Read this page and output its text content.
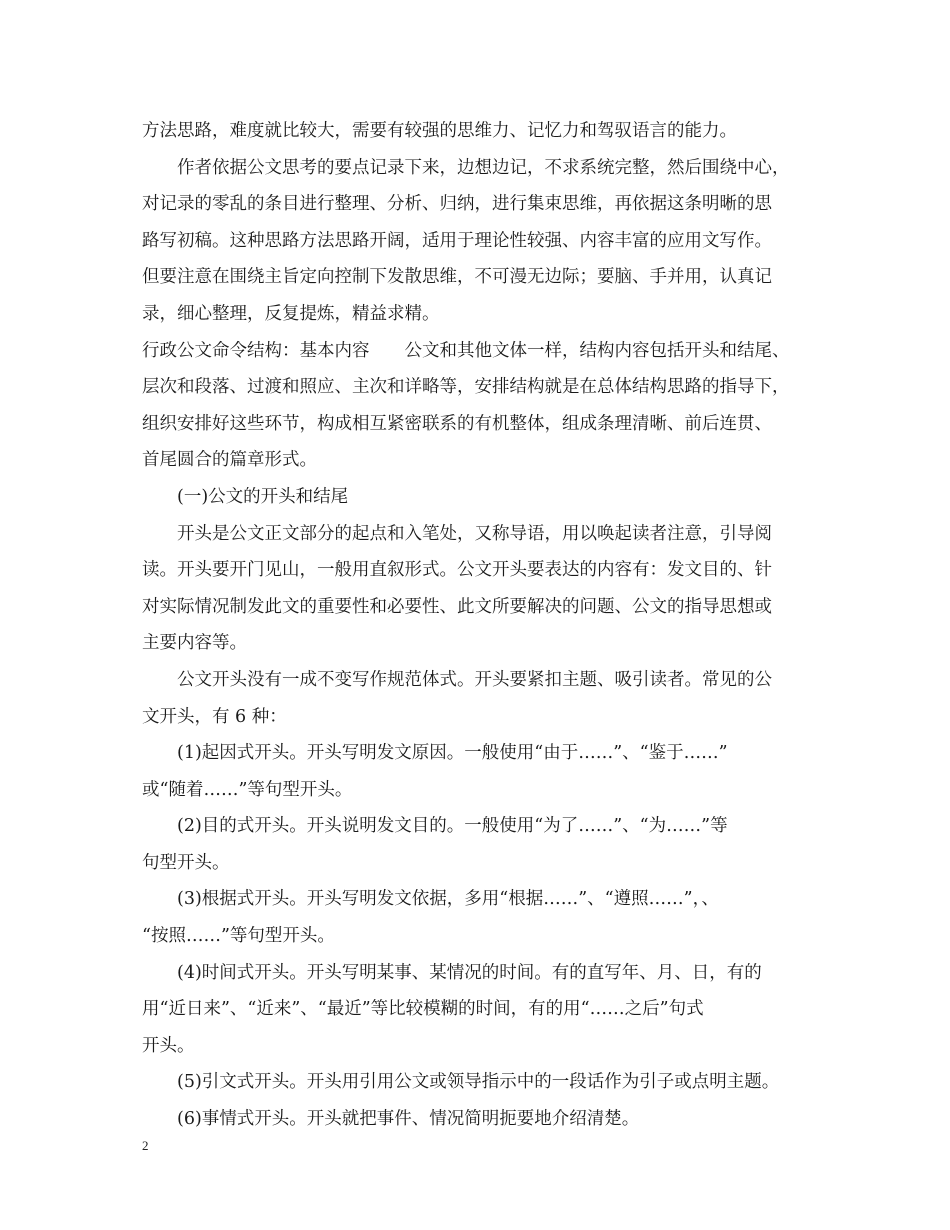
方法思路，难度就比较大，需要有较强的思维力、记忆力和驾驭语言的能力。
作者依据公文思考的要点记录下来，边想边记，不求系统完整，然后围绕中心，
对记录的零乱的条目进行整理、分析、归纳，进行集束思维，再依据这条明晰的思
路写初稿。这种思路方法思路开阔，适用于理论性较强、内容丰富的应用文写作。
但要注意在围绕主旨定向控制下发散思维，不可漫无边际；要脑、手并用，认真记
录，细心整理，反复提炼，精益求精。
行政公文命令结构：基本内容　　公文和其他文体一样，结构内容包括开头和结尾、
层次和段落、过渡和照应、主次和详略等，安排结构就是在总体结构思路的指导下，
组织安排好这些环节，构成相互紧密联系的有机整体，组成条理清晰、前后连贯、
首尾圆合的篇章形式。
(一)公文的开头和结尾
开头是公文正文部分的起点和入笔处，又称导语，用以唤起读者注意，引导阅
读。开头要开门见山，一般用直叙形式。公文开头要表达的内容有：发文目的、针
对实际情况制发此文的重要性和必要性、此文所要解决的问题、公文的指导思想或
主要内容等。
公文开头没有一成不变写作规范体式。开头要紧扣主题、吸引读者。常见的公
文开头，有 6 种：
(1)起因式开头。开头写明发文原因。一般使用“由于……”、“鉴于……”
或“随着……”等句型开头。
(2)目的式开头。开头说明发文目的。一般使用“为了……”、“为……”等
句型开头。
(3)根据式开头。开头写明发文依据，多用“根据……”、“遵照……”，、
“按照……”等句型开头。
(4)时间式开头。开头写明某事、某情况的时间。有的直写年、月、日，有的
用“近日来”、“近来”、“最近”等比较模糊的时间，有的用“……之后”句式
开头。
(5)引文式开头。开头用引用公文或领导指示中的一段话作为引子或点明主题。
(6)事情式开头。开头就把事件、情况简明扼要地介绍清楚。
2
